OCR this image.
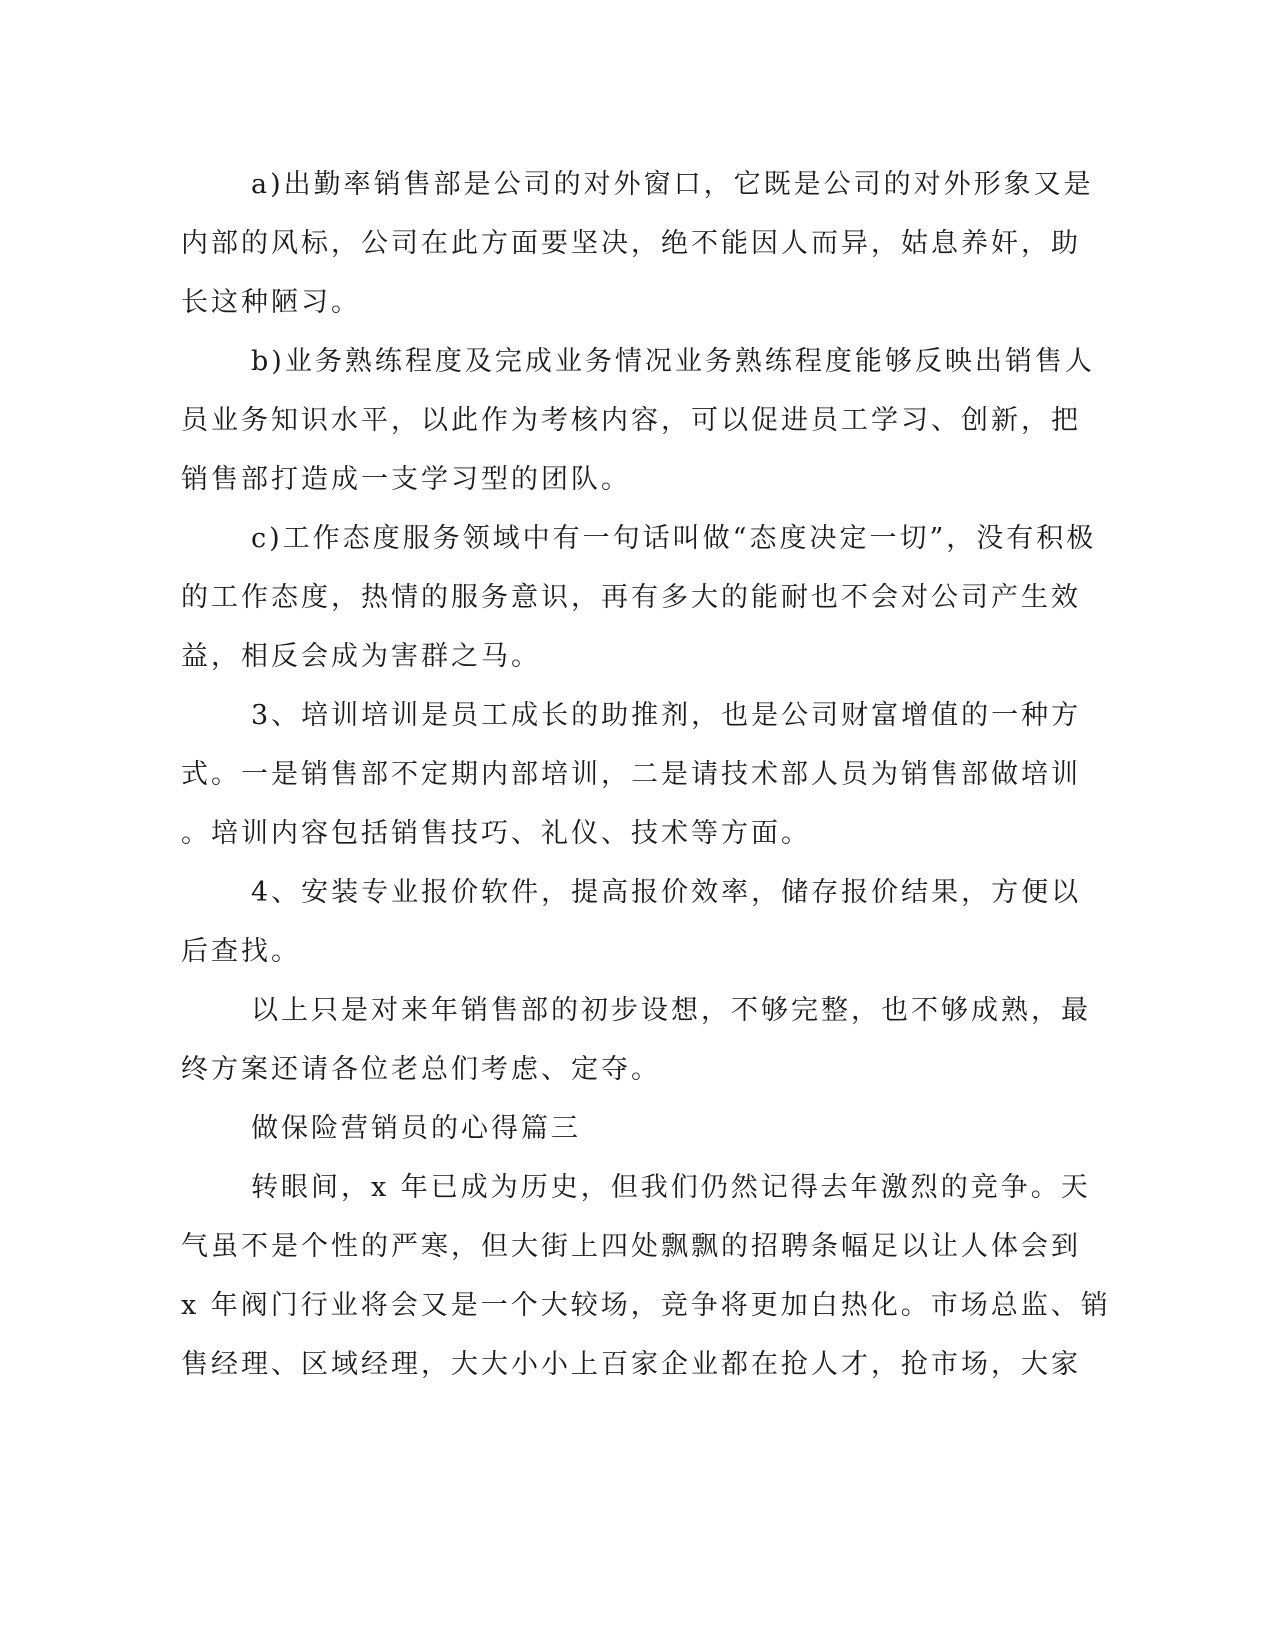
a)出勤率销售部是公司的对外窗口，它既是公司的对外形象又是
内部的风标，公司在此方面要坚决，绝不能因人而异，姑息养奸，助
长这种陋习。
b)业务熟练程度及完成业务情况业务熟练程度能够反映出销售人
员业务知识水平，以此作为考核内容，可以促进员工学习、创新，把
销售部打造成一支学习型的团队。
c)工作态度服务领域中有一句话叫做“态度决定一切”，没有积极
的工作态度，热情的服务意识，再有多大的能耐也不会对公司产生效
益，相反会成为害群之马。
3、培训培训是员工成长的助推剂，也是公司财富增值的一种方
式。一是销售部不定期内部培训，二是请技术部人员为销售部做培训
。培训内容包括销售技巧、礼仪、技术等方面。
4、安装专业报价软件，提高报价效率，储存报价结果，方便以
后查找。
以上只是对来年销售部的初步设想，不够完整，也不够成熟，最
终方案还请各位老总们考虑、定夺。
做保险营销员的心得篇三
转眼间，x 年已成为历史，但我们仍然记得去年激烈的竞争。天
气虽不是个性的严寒，但大街上四处飘飘的招聘条幅足以让人体会到
x 年阀门行业将会又是一个大较场，竞争将更加白热化。市场总监、销
售经理、区域经理，大大小小上百家企业都在抢人才，抢市场，大家
